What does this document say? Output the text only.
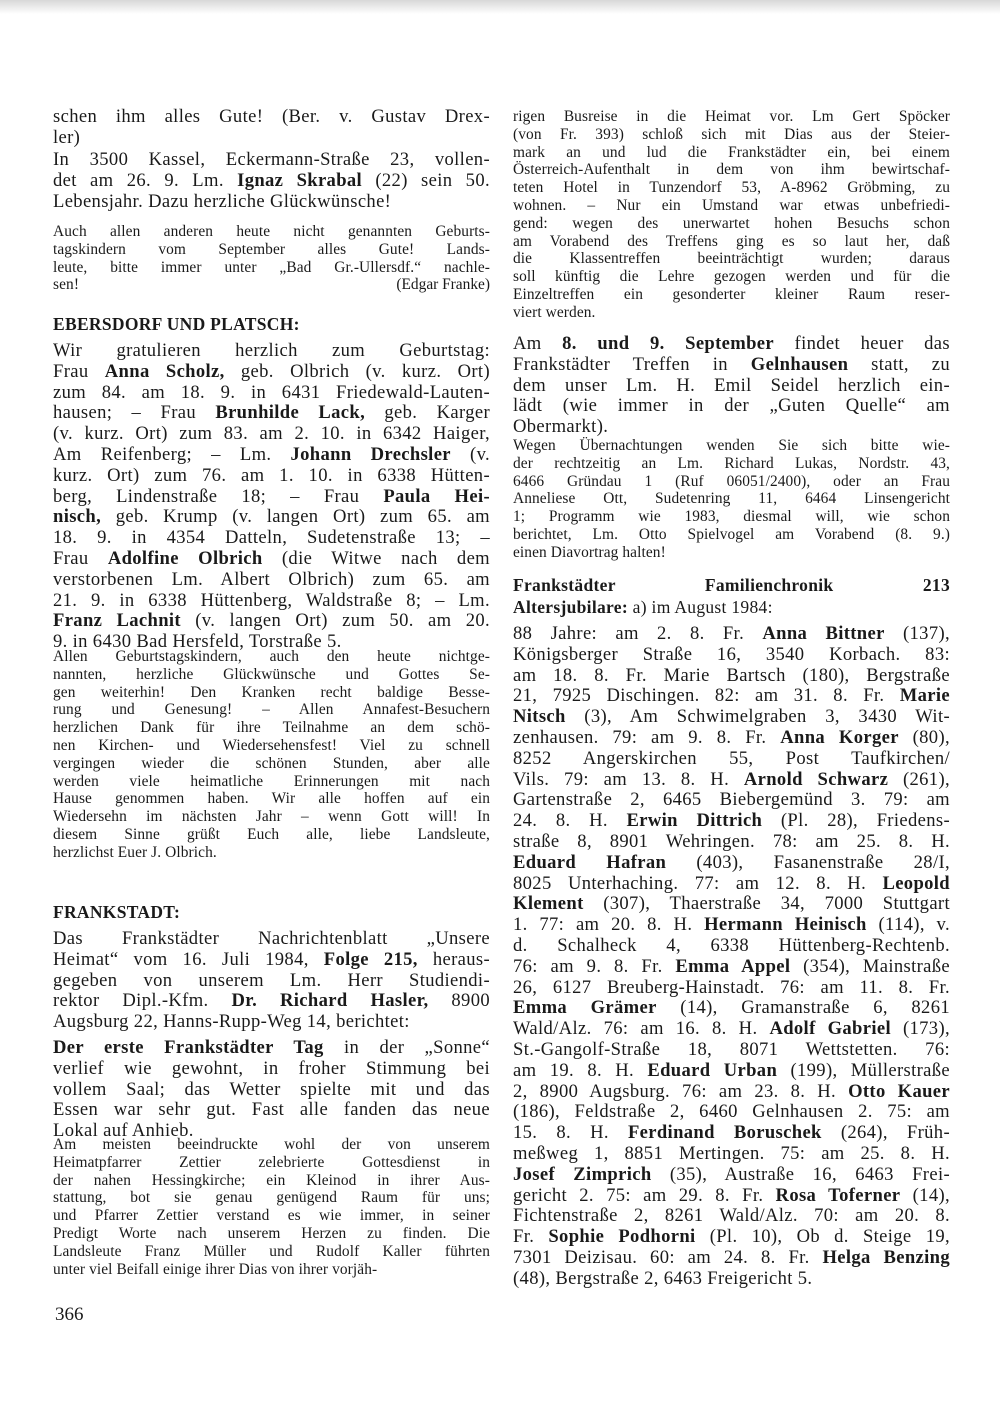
schen ihm alles Gute! (Ber. v. Gustav Drex-
ler)
In 3500 Kassel, Eckermann-Straße 23, vollen-
det am 26. 9. Lm. Ignaz Skrabal (22) sein 50.
Lebensjahr. Dazu herzliche Glückwünsche!
Auch allen anderen heute nicht genannten Geburts-
tagskindern vom September alles Gute! Lands-
leute, bitte immer unter „Bad Gr.-Ullersdf.“ nachle-
sen!	(Edgar Franke)
EBERSDORF UND PLATSCH:
Wir gratulieren herzlich zum Geburtstag:
Frau Anna Scholz, geb. Olbrich (v. kurz. Ort)
zum 84. am 18. 9. in 6431 Friedewald-Lauten-
hausen; – Frau Brunhilde Lack, geb. Karger
(v. kurz. Ort) zum 83. am 2. 10. in 6342 Haiger,
Am Reifenberg; – Lm. Johann Drechsler (v.
kurz. Ort) zum 76. am 1. 10. in 6338 Hütten-
berg, Lindenstraße 18; – Frau Paula Hei-
nisch, geb. Krump (v. langen Ort) zum 65. am
18. 9. in 4354 Datteln, Sudetenstraße 13; –
Frau Adolfine Olbrich (die Witwe nach dem
verstorbenen Lm. Albert Olbrich) zum 65. am
21. 9. in 6338 Hüttenberg, Waldstraße 8; – Lm.
Franz Lachnit (v. langen Ort) zum 50. am 20.
9. in 6430 Bad Hersfeld, Torstraße 5.
Allen Geburtstagskindern, auch den heute nichtge-
nannten, herzliche Glückwünsche und Gottes Se-
gen weiterhin! Den Kranken recht baldige Besse-
rung und Genesung! – Allen Annafest-Besuchern
herzlichen Dank für ihre Teilnahme an dem schö-
nen Kirchen- und Wiedersehensfest! Viel zu schnell
vergingen wieder die schönen Stunden, aber alle
werden viele heimatliche Erinnerungen mit nach
Hause genommen haben. Wir alle hoffen auf ein
Wiedersehn im nächsten Jahr – wenn Gott will! In
diesem Sinne grüßt Euch alle, liebe Landsleute,
herzlichst Euer J. Olbrich.
FRANKSTADT:
Das Frankstädter Nachrichtenblatt „Unsere
Heimat“ vom 16. Juli 1984, Folge 215, heraus-
gegeben von unserem Lm. Herr Studiendi-
rektor Dipl.-Kfm. Dr. Richard Hasler, 8900
Augsburg 22, Hanns-Rupp-Weg 14, berichtet:
Der erste Frankstädter Tag in der „Sonne“
verlief wie gewohnt, in froher Stimmung bei
vollem Saal; das Wetter spielte mit und das
Essen war sehr gut. Fast alle fanden das neue
Lokal auf Anhieb.
Am meisten beeindruckte wohl der von unserem
Heimatpfarrer Zettier zelebrierte Gottesdienst in
der nahen Hessingkirche; ein Kleinod in ihrer Aus-
stattung, bot sie genau genügend Raum für uns;
und Pfarrer Zettier verstand es wie immer, in seiner
Predigt Worte nach unserem Herzen zu finden. Die
Landsleute Franz Müller und Rudolf Kaller führten
unter viel Beifall einige ihrer Dias von ihrer vorjäh-
366
rigen Busreise in die Heimat vor. Lm Gert Spöcker
(von Fr. 393) schloß sich mit Dias aus der Steier-
mark an und lud die Frankstädter ein, bei einem
Österreich-Aufenthalt in dem von ihm bewirtschaf-
teten Hotel in Tunzendorf 53, A-8962 Gröbming, zu
wohnen. – Nur ein Umstand war etwas unbefriedi-
gend: wegen des unerwartet hohen Besuchs schon
am Vorabend des Treffens ging es so laut her, daß
die Klassentreffen beeinträchtigt wurden; daraus
soll künftig die Lehre gezogen werden und für die
Einzeltreffen ein gesonderter kleiner Raum reser-
viert werden.
Am 8. und 9. September findet heuer das
Frankstädter Treffen in Gelnhausen statt, zu
dem unser Lm. H. Emil Seidel herzlich ein-
lädt (wie immer in der „Guten Quelle“ am
Obermarkt).
Wegen Übernachtungen wenden Sie sich bitte wie-
der rechtzeitig an Lm. Richard Lukas, Nordstr. 43,
6466 Gründau 1 (Ruf 06051/2400), oder an Frau
Anneliese Ott, Sudetenring 11, 6464 Linsengericht
1; Programm wie 1983, diesmal will, wie schon
berichtet, Lm. Otto Spielvogel am Vorabend (8. 9.)
einen Diavortrag halten!
Frankstädter Familienchronik 213
Altersjubilare: a) im August 1984:
88 Jahre: am 2. 8. Fr. Anna Bittner (137),
Königsberger Straße 16, 3540 Korbach. 83:
am 18. 8. Fr. Marie Bartsch (180), Bergstraße
21, 7925 Dischingen. 82: am 31. 8. Fr. Marie
Nitsch (3), Am Schwimelgraben 3, 3430 Wit-
zenhausen. 79: am 9. 8. Fr. Anna Korger (80),
8252 Angerskirchen 55, Post Taufkirchen/
Vils. 79: am 13. 8. H. Arnold Schwarz (261),
Gartenstraße 2, 6465 Biebergemünd 3. 79: am
24. 8. H. Erwin Dittrich (Pl. 28), Friedens-
straße 8, 8901 Wehringen. 78: am 25. 8. H.
Eduard Hafran (403), Fasanenstraße 28/I,
8025 Unterhaching. 77: am 12. 8. H. Leopold
Klement (307), Thaerstraße 34, 7000 Stuttgart
1. 77: am 20. 8. H. Hermann Heinisch (114), v.
d. Schalheck 4, 6338 Hüttenberg-Rechtenb.
76: am 9. 8. Fr. Emma Appel (354), Mainstraße
26, 6127 Breuberg-Hainstadt. 76: am 11. 8. Fr.
Emma Grämer (14), Gramanstraße 6, 8261
Wald/Alz. 76: am 16. 8. H. Adolf Gabriel (173),
St.-Gangolf-Straße 18, 8071 Wettstetten. 76:
am 19. 8. H. Eduard Urban (199), Müllerstraße
2, 8900 Augsburg. 76: am 23. 8. H. Otto Kauer
(186), Feldstraße 2, 6460 Gelnhausen 2. 75: am
15. 8. H. Ferdinand Boruschek (264), Früh-
meßweg 1, 8851 Mertingen. 75: am 25. 8. H.
Josef Zimprich (35), Austraße 16, 6463 Frei-
gericht 2. 75: am 29. 8. Fr. Rosa Toferner (14),
Fichtenstraße 2, 8261 Wald/Alz. 70: am 20. 8.
Fr. Sophie Podhorni (Pl. 10), Ob d. Steige 19,
7301 Deizisau. 60: am 24. 8. Fr. Helga Benzing
(48), Bergstraße 2, 6463 Freigericht 5.
